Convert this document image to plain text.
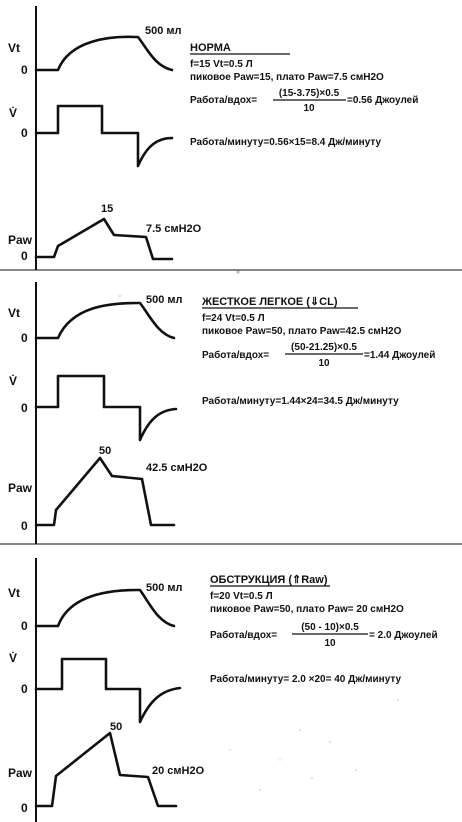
Vt
0
V̇
0
Paw
0
500 мл
15
7.5 смН2О
НОРМА
f=15 Vt=0.5 Л
пиковое Paw=15, плато Paw=7.5 смН2О
Работа/вдох=
(15-3.75)×0.5
10
=0.56 Джоулей
Работа/минуту=0.56×15=8.4 Дж/минуту
Vt
0
V̇
0
Paw
0
500 мл
50
42.5 смН2О
ЖЕСТКОЕ ЛЕГКОЕ (⇓CL)
f=24 Vt=0.5 Л
пиковое Paw=50, плато Paw=42.5 смН2О
Работа/вдох=
(50-21.25)×0.5
10
=1.44 Джоулей
Работа/минуту=1.44×24=34.5 Дж/минуту
Vt
0
V̇
0
Paw
0
500 мл
50
20 смН2О
ОБСТРУКЦИЯ (⇑Raw)
f=20 Vt=0.5 Л
пиковое Paw=50, плато Paw= 20 смН2О
Работа/вдох=
(50 - 10)×0.5
10
= 2.0 Джоулей
Работа/минуту= 2.0 ×20= 40 Дж/минуту
